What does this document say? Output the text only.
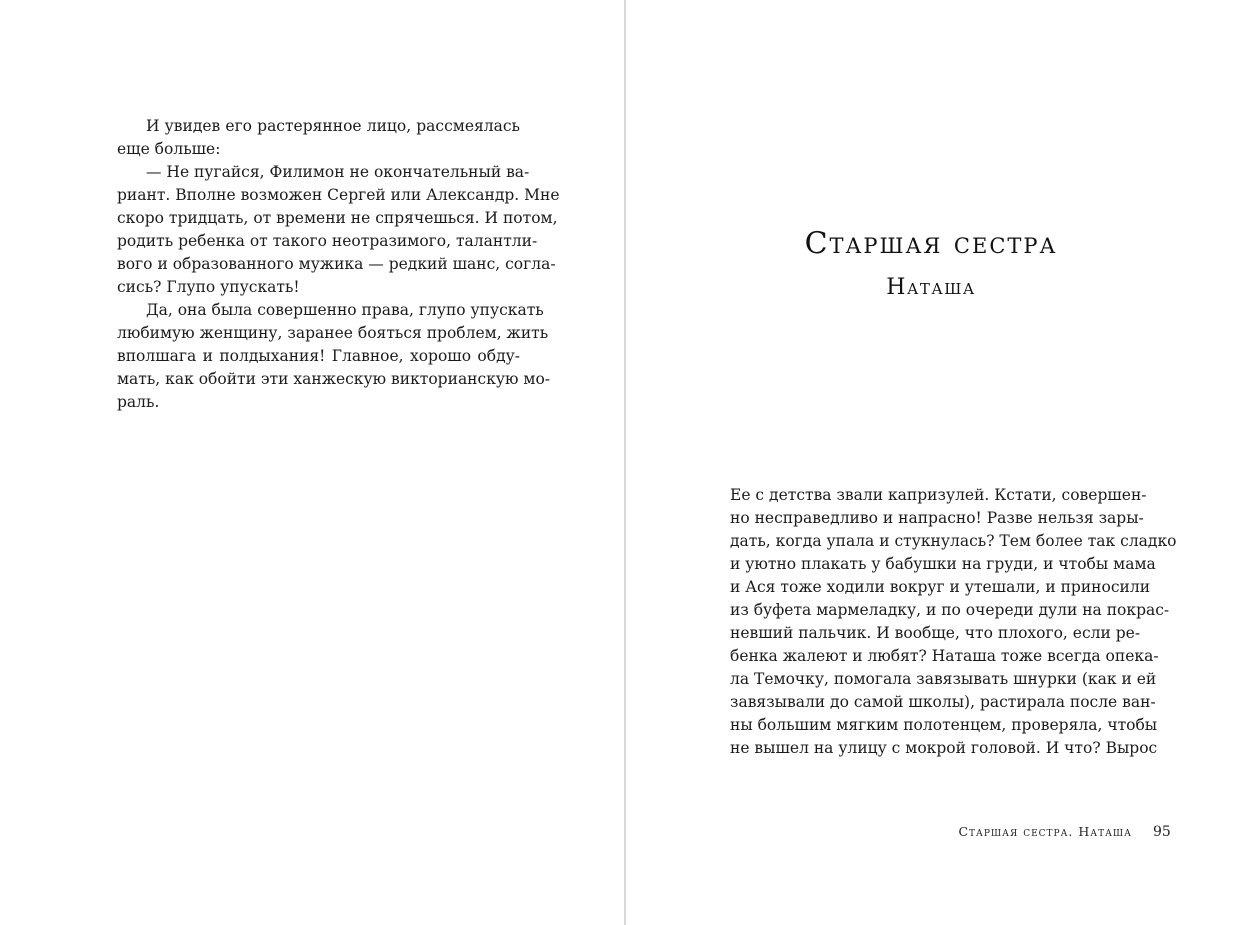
И увидев его растерянное лицо, рассмеялась
еще больше:
— Не пугайся, Филимон не окончательный ва-
риант. Вполне возможен Сергей или Александр. Мне
скоро тридцать, от времени не спрячешься. И потом,
родить ребенка от такого неотразимого, талантли-
вого и образованного мужика — редкий шанс, согла-
сись? Глупо упускать!
Да, она была совершенно права, глупо упускать
любимую женщину, заранее бояться проблем, жить
вполшага и полдыхания! Главное, хорошо обду-
мать, как обойти эти ханжескую викторианскую мо-
раль.
Старшая сестра
Наташа
Ее с детства звали капризулей. Кстати, совершен-
но несправедливо и напрасно! Разве нельзя зары-
дать, когда упала и стукнулась? Тем более так сладко
и уютно плакать у бабушки на груди, и чтобы мама
и Ася тоже ходили вокруг и утешали, и приносили
из буфета мармеладку, и по очереди дули на покрас-
невший пальчик. И вообще, что плохого, если ре-
бенка жалеют и любят? Наташа тоже всегда опека-
ла Темочку, помогала завязывать шнурки (как и ей
завязывали до самой школы), растирала после ван-
ны большим мягким полотенцем, проверяла, чтобы
не вышел на улицу с мокрой головой. И что? Вырос
Старшая сестра. Наташа 95
